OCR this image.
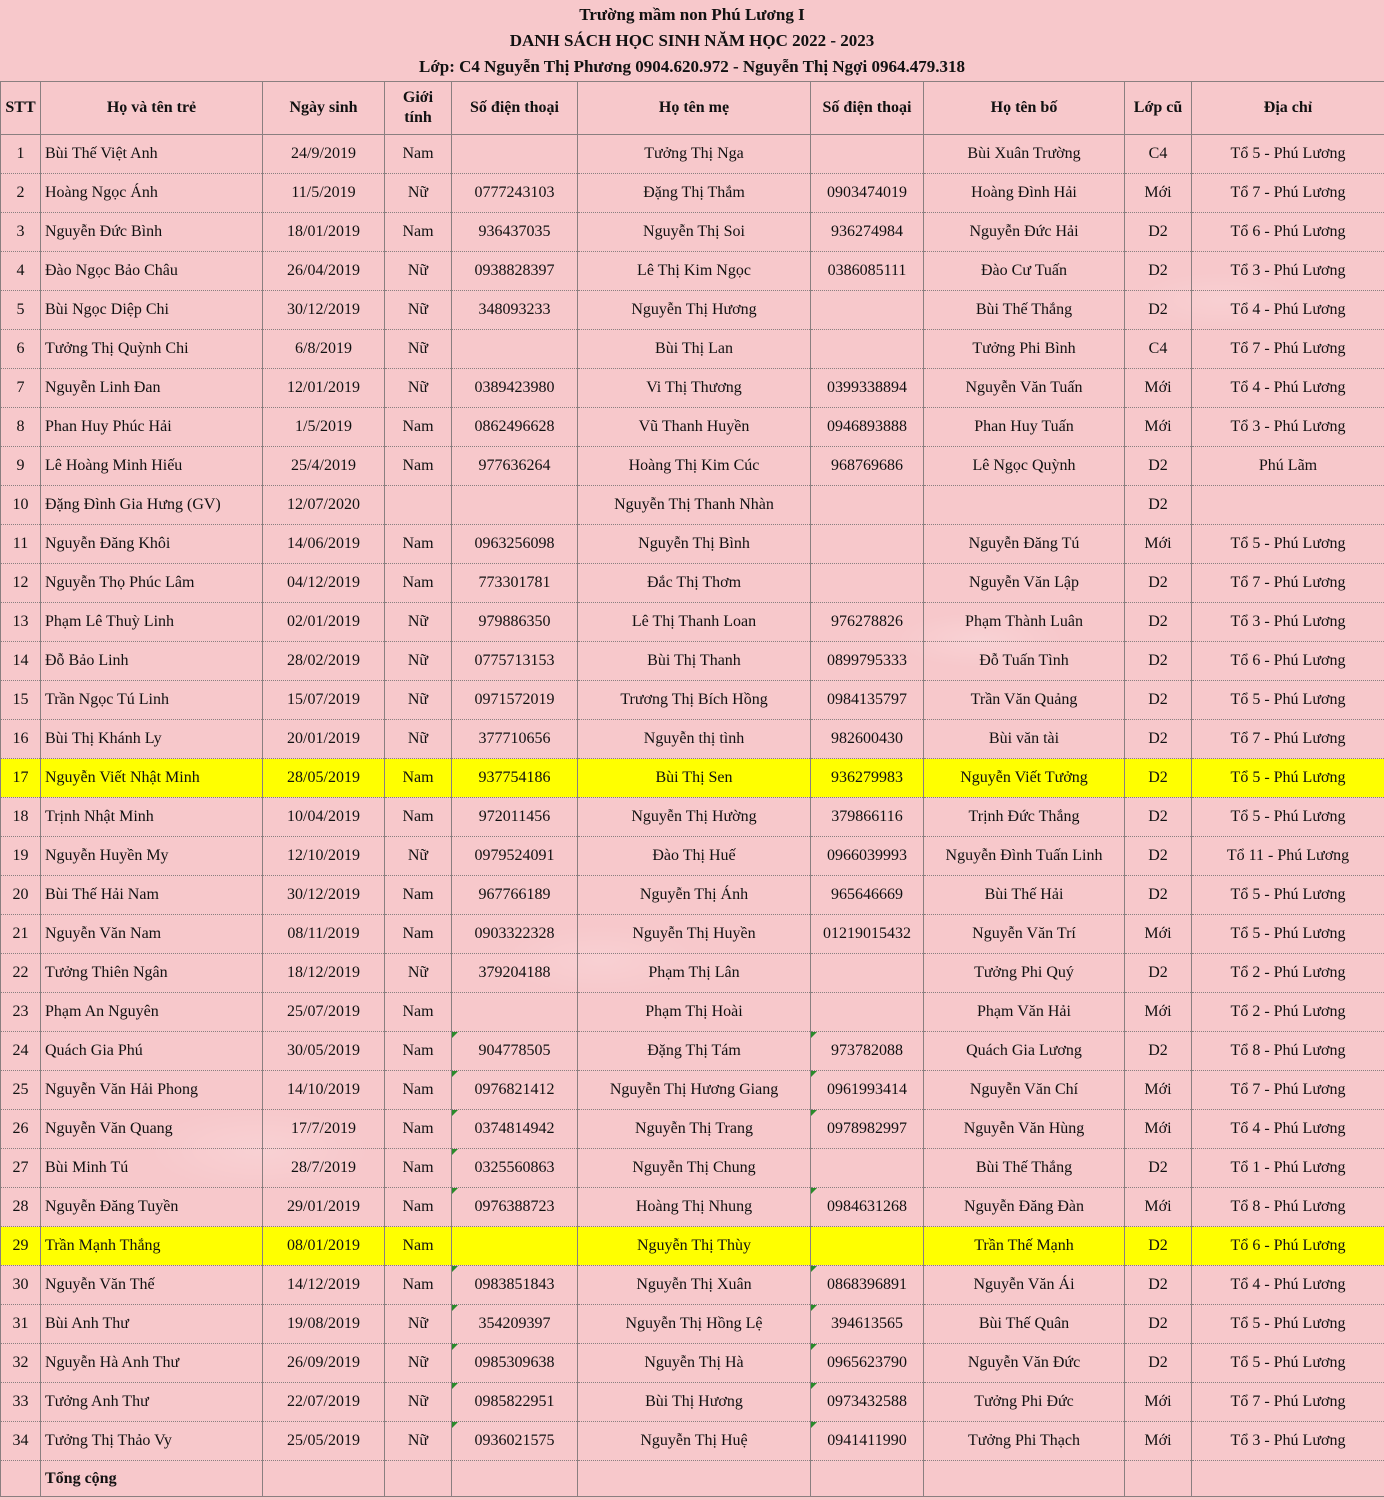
Trường mầm non Phú Lương I
DANH SÁCH HỌC SINH NĂM HỌC 2022 - 2023
Lớp: C4 Nguyễn Thị Phương 0904.620.972 - Nguyễn Thị Ngợi 0964.479.318
STT	Họ và tên trẻ	Ngày sinh	Giới tính	Số điện thoại	Họ tên mẹ	Số điện thoại	Họ tên bố	Lớp cũ	Địa chỉ
1	Bùi Thế Việt Anh	24/9/2019	Nam		Tưởng Thị Nga		Bùi Xuân Trường	C4	Tổ 5 - Phú Lương
2	Hoàng Ngọc Ánh	11/5/2019	Nữ	0777243103	Đặng Thị Thắm	0903474019	Hoàng Đình Hải	Mới	Tổ 7 - Phú Lương
3	Nguyễn Đức Bình	18/01/2019	Nam	936437035	Nguyễn Thị Soi	936274984	Nguyễn Đức Hải	D2	Tổ 6 - Phú Lương
4	Đào Ngọc Bảo Châu	26/04/2019	Nữ	0938828397	Lê Thị Kim Ngọc	0386085111	Đào Cư Tuấn	D2	Tổ 3 - Phú Lương
5	Bùi Ngọc Diệp Chi	30/12/2019	Nữ	348093233	Nguyễn Thị Hương		Bùi Thế Thắng	D2	Tổ 4 - Phú Lương
6	Tưởng Thị Quỳnh Chi	6/8/2019	Nữ		Bùi Thị Lan		Tưởng Phi Bình	C4	Tổ 7 - Phú Lương
7	Nguyễn Linh Đan	12/01/2019	Nữ	0389423980	Vi Thị Thương	0399338894	Nguyễn Văn Tuấn	Mới	Tổ 4 - Phú Lương
8	Phan Huy Phúc Hải	1/5/2019	Nam	0862496628	Vũ Thanh Huyền	0946893888	Phan Huy Tuấn	Mới	Tổ 3 - Phú Lương
9	Lê Hoàng Minh Hiếu	25/4/2019	Nam	977636264	Hoàng Thị Kim Cúc	968769686	Lê Ngọc Quỳnh	D2	Phú Lãm
10	Đặng Đình Gia Hưng (GV)	12/07/2020			Nguyễn Thị Thanh Nhàn			D2	
11	Nguyễn Đăng Khôi	14/06/2019	Nam	0963256098	Nguyễn Thị Bình		Nguyễn Đăng Tú	Mới	Tổ 5 - Phú Lương
12	Nguyễn Thọ Phúc Lâm	04/12/2019	Nam	773301781	Đắc Thị Thơm		Nguyễn Văn Lập	D2	Tổ 7 - Phú Lương
13	Phạm Lê Thuỳ Linh	02/01/2019	Nữ	979886350	Lê Thị Thanh Loan	976278826	Phạm Thành Luân	D2	Tổ 3 - Phú Lương
14	Đỗ Bảo Linh	28/02/2019	Nữ	0775713153	Bùi Thị Thanh	0899795333	Đỗ Tuấn Tình	D2	Tổ 6 - Phú Lương
15	Trần Ngọc Tú Linh	15/07/2019	Nữ	0971572019	Trương Thị Bích Hồng	0984135797	Trần Văn Quảng	D2	Tổ 5 - Phú Lương
16	Bùi Thị Khánh Ly	20/01/2019	Nữ	377710656	Nguyễn thị tình	982600430	Bùi văn tài	D2	Tổ 7 - Phú Lương
17	Nguyễn Viết Nhật Minh	28/05/2019	Nam	937754186	Bùi Thị Sen	936279983	Nguyễn Viết Tưởng	D2	Tổ 5 - Phú Lương
18	Trịnh Nhật Minh	10/04/2019	Nam	972011456	Nguyễn Thị Hường	379866116	Trịnh Đức Thắng	D2	Tổ 5 - Phú Lương
19	Nguyễn Huyền My	12/10/2019	Nữ	0979524091	Đào Thị Huế	0966039993	Nguyễn Đình Tuấn Linh	D2	Tổ 11 - Phú Lương
20	Bùi Thế Hải Nam	30/12/2019	Nam	967766189	Nguyễn Thị Ánh	965646669	Bùi Thế Hải	D2	Tổ 5 - Phú Lương
21	Nguyễn Văn Nam	08/11/2019	Nam	0903322328	Nguyễn Thị Huyền	01219015432	Nguyễn Văn Trí	Mới	Tổ 5 - Phú Lương
22	Tưởng Thiên Ngân	18/12/2019	Nữ	379204188	Phạm Thị Lân		Tưởng Phi Quý	D2	Tổ 2 - Phú Lương
23	Phạm An Nguyên	25/07/2019	Nam		Phạm Thị Hoài		Phạm Văn Hải	Mới	Tổ 2 - Phú Lương
24	Quách Gia Phú	30/05/2019	Nam	904778505	Đặng Thị Tám	973782088	Quách Gia Lương	D2	Tổ 8 - Phú Lương
25	Nguyễn Văn Hải Phong	14/10/2019	Nam	0976821412	Nguyễn Thị Hương Giang	0961993414	Nguyễn Văn Chí	Mới	Tổ 7 - Phú Lương
26	Nguyễn Văn Quang	17/7/2019	Nam	0374814942	Nguyễn Thị Trang	0978982997	Nguyễn Văn Hùng	Mới	Tổ 4 - Phú Lương
27	Bùi Minh Tú	28/7/2019	Nam	0325560863	Nguyễn Thị Chung		Bùi Thế Thắng	D2	Tổ 1 - Phú Lương
28	Nguyễn Đăng Tuyền	29/01/2019	Nam	0976388723	Hoàng Thị Nhung	0984631268	Nguyễn Đăng Đàn	Mới	Tổ 8 - Phú Lương
29	Trần Mạnh Thắng	08/01/2019	Nam		Nguyễn Thị Thùy		Trần Thế Mạnh	D2	Tổ 6 - Phú Lương
30	Nguyễn Văn Thế	14/12/2019	Nam	0983851843	Nguyễn Thị Xuân	0868396891	Nguyễn Văn Ái	D2	Tổ 4 - Phú Lương
31	Bùi Anh Thư	19/08/2019	Nữ	354209397	Nguyễn Thị Hồng Lệ	394613565	Bùi Thế Quân	D2	Tổ 5 - Phú Lương
32	Nguyễn Hà Anh Thư	26/09/2019	Nữ	0985309638	Nguyễn Thị Hà	0965623790	Nguyễn Văn Đức	D2	Tổ 5 - Phú Lương
33	Tưởng Anh Thư	22/07/2019	Nữ	0985822951	Bùi Thị Hương	0973432588	Tưởng Phi Đức	Mới	Tổ 7 - Phú Lương
34	Tưởng Thị Thảo Vy	25/05/2019	Nữ	0936021575	Nguyễn Thị Huệ	0941411990	Tưởng Phi Thạch	Mới	Tổ 3 - Phú Lương
	Tổng cộng								
